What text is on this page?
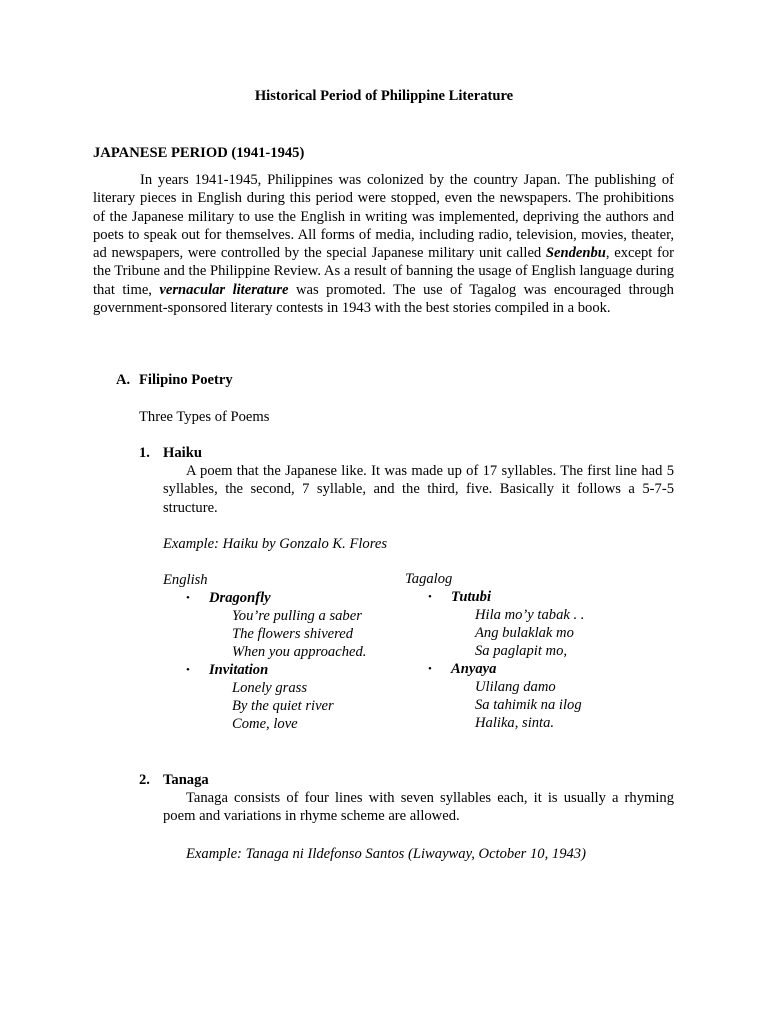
Historical Period of Philippine Literature
JAPANESE PERIOD (1941-1945)
In years 1941-1945, Philippines was colonized by the country Japan. The publishing of literary pieces in English during this period were stopped, even the newspapers. The prohibitions of the Japanese military to use the English in writing was implemented, depriving the authors and poets to speak out for themselves. All forms of media, including radio, television, movies, theater, ad newspapers, were controlled by the special Japanese military unit called Sendenbu, except for the Tribune and the Philippine Review. As a result of banning the usage of English language during that time, vernacular literature was promoted. The use of Tagalog was encouraged through government-sponsored literary contests in 1943 with the best stories compiled in a book.
A. Filipino Poetry
Three Types of Poems
1. Haiku
A poem that the Japanese like. It was made up of 17 syllables. The first line had 5 syllables, the second, 7 syllable, and the third, five. Basically it follows a 5-7-5 structure.
Example: Haiku by Gonzalo K. Flores
English	Tagalog
• Dragonfly
You’re pulling a saber
The flowers shivered
When you approached.
• Invitation
Lonely grass
By the quiet river
Come, love
• Tutubi
Hila mo’y tabak . .
Ang bulaklak mo
Sa paglapit mo,
• Anyaya
Ulilang damo
Sa tahimik na ilog
Halika, sinta.
2. Tanaga
Tanaga consists of four lines with seven syllables each, it is usually a rhyming poem and variations in rhyme scheme are allowed.
Example: Tanaga ni Ildefonso Santos (Liwayway, October 10, 1943)
